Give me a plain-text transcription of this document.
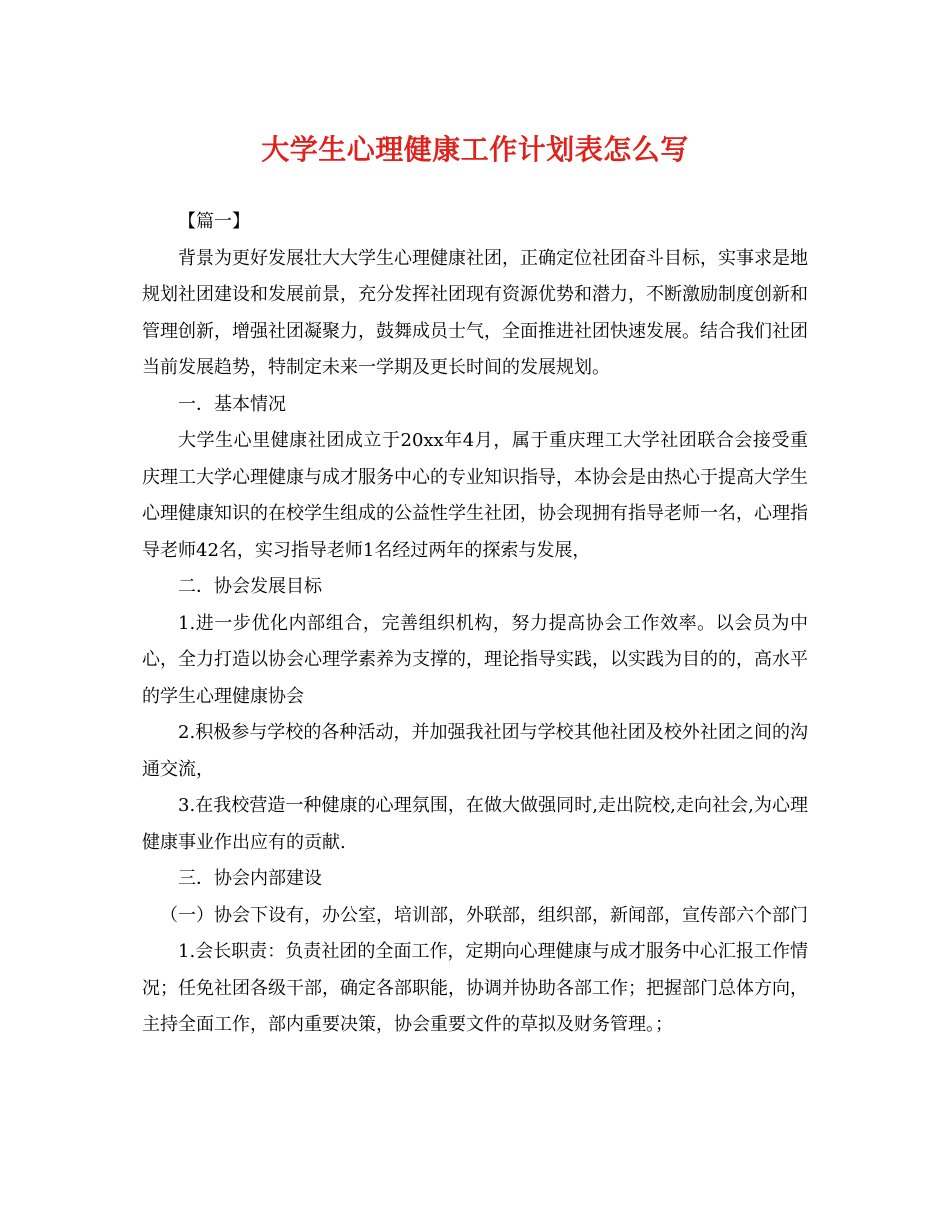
大学生心理健康工作计划表怎么写

【篇一】

背景为更好发展壮大大学生心理健康社团，正确定位社团奋斗目标，实事求是地规划社团建设和发展前景，充分发挥社团现有资源优势和潜力，不断激励制度创新和管理创新，增强社团凝聚力，鼓舞成员士气，全面推进社团快速发展。结合我们社团当前发展趋势，特制定未来一学期及更长时间的发展规划。

一．基本情况

大学生心里健康社团成立于20xx年4月，属于重庆理工大学社团联合会接受重庆理工大学心理健康与成才服务中心的专业知识指导，本协会是由热心于提高大学生心理健康知识的在校学生组成的公益性学生社团，协会现拥有指导老师一名，心理指导老师42名，实习指导老师1名经过两年的探索与发展，

二．协会发展目标

1.进一步优化内部组合，完善组织机构，努力提高协会工作效率。以会员为中心，全力打造以协会心理学素养为支撑的，理论指导实践，以实践为目的的，高水平的学生心理健康协会

2.积极参与学校的各种活动，并加强我社团与学校其他社团及校外社团之间的沟通交流，

3.在我校营造一种健康的心理氛围，在做大做强同时,走出院校,走向社会,为心理健康事业作出应有的贡献.

三．协会内部建设

（一）协会下设有，办公室，培训部，外联部，组织部，新闻部，宣传部六个部门

1.会长职责：负责社团的全面工作，定期向心理健康与成才服务中心汇报工作情况；任免社团各级干部，确定各部职能，协调并协助各部工作；把握部门总体方向，主持全面工作，部内重要决策，协会重要文件的草拟及财务管理。；
